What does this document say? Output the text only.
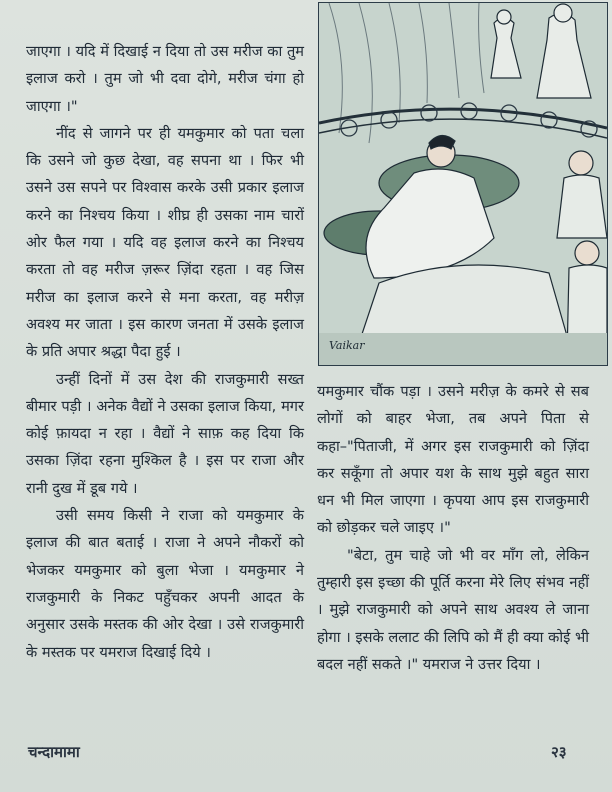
जाएगा । यदि में दिखाई न दिया तो उस मरीज का तुम इलाज करो । तुम जो भी दवा दोगे, मरीज चंगा हो जाएगा ।"

नींद से जागने पर ही यमकुमार को पता चला कि उसने जो कुछ देखा, वह सपना था । फिर भी उसने उस सपने पर विश्वास करके उसी प्रकार इलाज करने का निश्चय किया । शीघ्र ही उसका नाम चारों ओर फैल गया । यदि वह इलाज करने का निश्चय करता तो वह मरीज ज़रूर ज़िंदा रहता । वह जिस मरीज का इलाज करने से मना करता, वह मरीज़ अवश्य मर जाता । इस कारण जनता में उसके इलाज के प्रति अपार श्रद्धा पैदा हुई ।

उन्हीं दिनों में उस देश की राजकुमारी सख्त बीमार पड़ी । अनेक वैद्यों ने उसका इलाज किया, मगर कोई फ़ायदा न रहा । वैद्यों ने साफ़ कह दिया कि उसका ज़िंदा रहना मुश्किल है । इस पर राजा और रानी दुख में डूब गये ।

उसी समय किसी ने राजा को यमकुमार के इलाज की बात बताई । राजा ने अपने नौकरों को भेजकर यमकुमार को बुला भेजा । यमकुमार ने राजकुमारी के निकट पहुँचकर अपनी आदत के अनुसार उसके मस्तक की ओर देखा । उसे राजकुमारी के मस्तक पर यमराज दिखाई दिये ।

Vaikar

यमकुमार चौंक पड़ा । उसने मरीज़ के कमरे से सब लोगों को बाहर भेजा, तब अपने पिता से कहा–"पिताजी, में अगर इस राजकुमारी को ज़िंदा कर सकूँगा तो अपार यश के साथ मुझे बहुत सारा धन भी मिल जाएगा । कृपया आप इस राजकुमारी को छोड़कर चले जाइए ।"

"बेटा, तुम चाहे जो भी वर माँग लो, लेकिन तुम्हारी इस इच्छा की पूर्ति करना मेरे लिए संभव नहीं । मुझे राजकुमारी को अपने साथ अवश्य ले जाना होगा । इसके ललाट की लिपि को मैं ही क्या कोई भी बदल नहीं सकते ।" यमराज ने उत्तर दिया ।

चन्दामामा	२३
